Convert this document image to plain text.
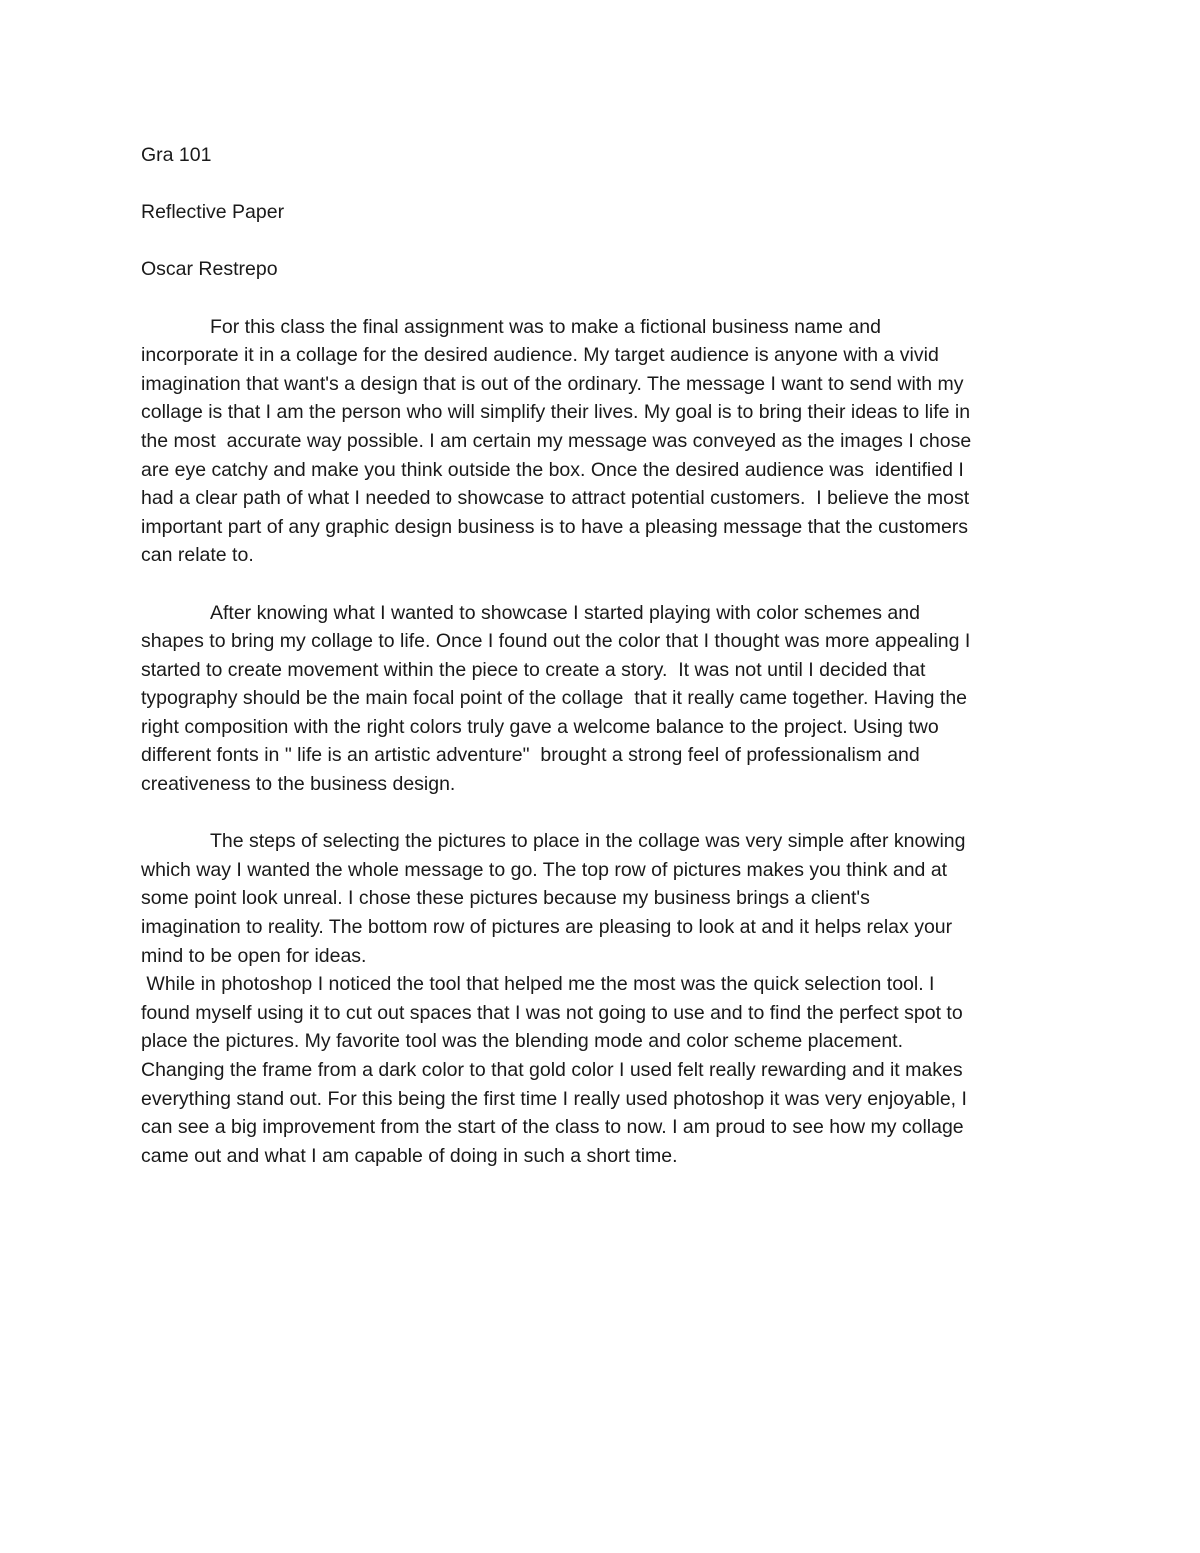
Gra 101
Reflective Paper
Oscar Restrepo
For this class the final assignment was to make a fictional business name and
incorporate it in a collage for the desired audience. My target audience is anyone with a vivid
imagination that want's a design that is out of the ordinary. The message I want to send with my
collage is that I am the person who will simplify their lives. My goal is to bring their ideas to life in
the most  accurate way possible. I am certain my message was conveyed as the images I chose
are eye catchy and make you think outside the box. Once the desired audience was  identified I
had a clear path of what I needed to showcase to attract potential customers.  I believe the most
important part of any graphic design business is to have a pleasing message that the customers
can relate to.
After knowing what I wanted to showcase I started playing with color schemes and
shapes to bring my collage to life. Once I found out the color that I thought was more appealing I
started to create movement within the piece to create a story.  It was not until I decided that
typography should be the main focal point of the collage  that it really came together. Having the
right composition with the right colors truly gave a welcome balance to the project. Using two
different fonts in " life is an artistic adventure"  brought a strong feel of professionalism and
creativeness to the business design.
The steps of selecting the pictures to place in the collage was very simple after knowing
which way I wanted the whole message to go. The top row of pictures makes you think and at
some point look unreal. I chose these pictures because my business brings a client's
imagination to reality. The bottom row of pictures are pleasing to look at and it helps relax your
mind to be open for ideas.
While in photoshop I noticed the tool that helped me the most was the quick selection tool. I
found myself using it to cut out spaces that I was not going to use and to find the perfect spot to
place the pictures. My favorite tool was the blending mode and color scheme placement.
Changing the frame from a dark color to that gold color I used felt really rewarding and it makes
everything stand out. For this being the first time I really used photoshop it was very enjoyable, I
can see a big improvement from the start of the class to now. I am proud to see how my collage
came out and what I am capable of doing in such a short time.
